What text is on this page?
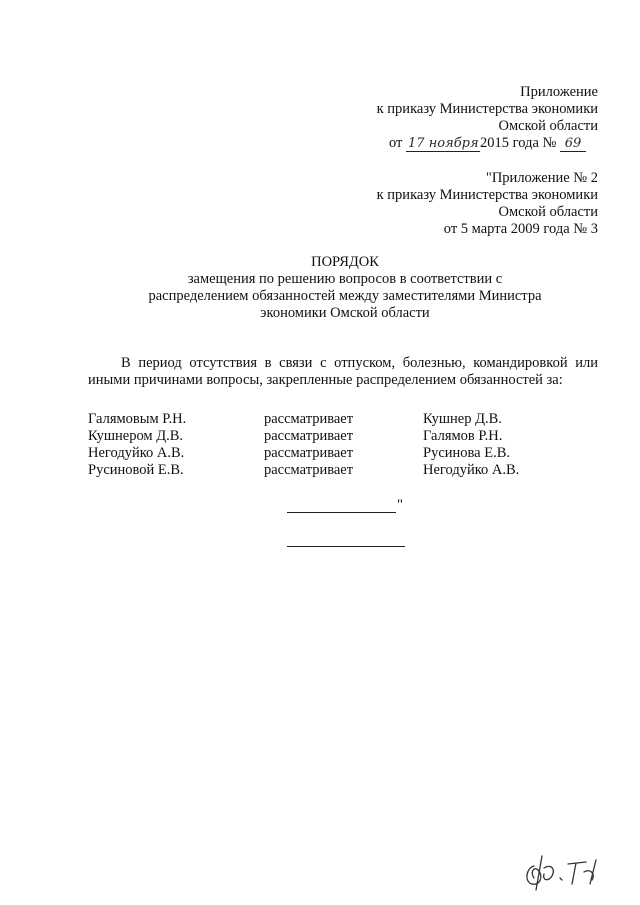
Приложение
к приказу Министерства экономики
Омской области
от 17 ноября2015 года № 69
"Приложение № 2
к приказу Министерства экономики
Омской области
от 5 марта 2009 года № 3
ПОРЯДОК
замещения по решению вопросов в соответствии с
распределением обязанностей между заместителями Министра
экономики Омской области
В период отсутствия в связи с отпуском, болезнью, командировкой или иными причинами вопросы, закрепленные распределением обязанностей за:
Галямовым Р.Н.	рассматривает	Кушнер Д.В.
Кушнером Д.В.	рассматривает	Галямов Р.Н.
Негодуйко А.В.	рассматривает	Русинова Е.В.
Русиновой Е.В.	рассматривает	Негодуйко А.В.
"
